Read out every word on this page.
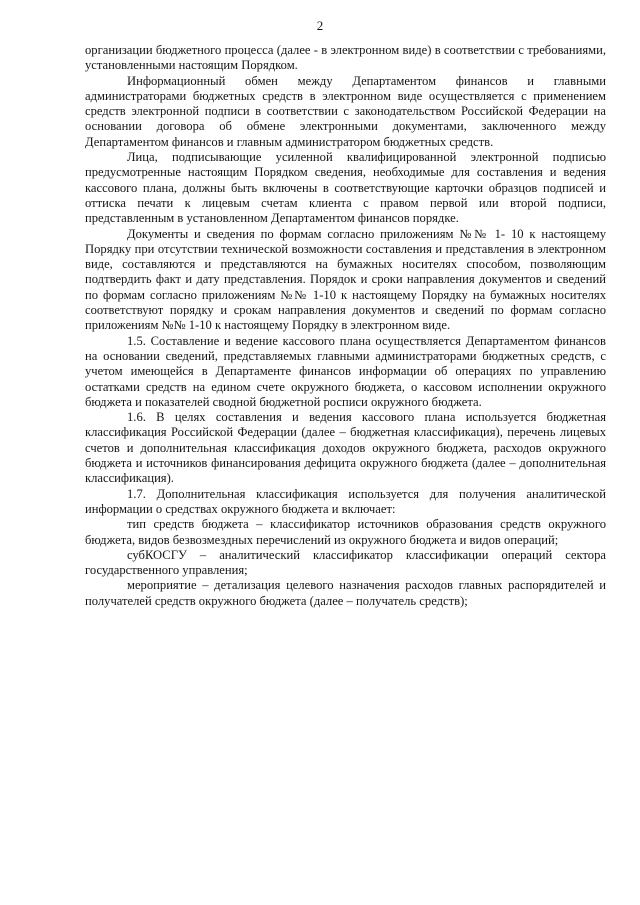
2

организации бюджетного процесса (далее - в электронном виде) в соответствии с требованиями, установленными настоящим Порядком.

Информационный обмен между Департаментом финансов и главными администраторами бюджетных средств в электронном виде осуществляется с применением средств электронной подписи в соответствии с законодательством Российской Федерации на основании договора об обмене электронными документами, заключенного между Департаментом финансов и главным администратором бюджетных средств.

Лица, подписывающие усиленной квалифицированной электронной подписью предусмотренные настоящим Порядком сведения, необходимые для составления и ведения кассового плана, должны быть включены в соответствующие карточки образцов подписей и оттиска печати к лицевым счетам клиента с правом первой или второй подписи, представленным в установленном Департаментом финансов порядке.

Документы и сведения по формам согласно приложениям №№ 1- 10 к настоящему Порядку при отсутствии технической возможности составления и представления в электронном виде, составляются и представляются на бумажных носителях способом, позволяющим подтвердить факт и дату представления. Порядок и сроки направления документов и сведений по формам согласно приложениям №№ 1-10 к настоящему Порядку на бумажных носителях соответствуют порядку и срокам направления документов и сведений по формам согласно приложениям №№ 1-10 к настоящему Порядку в электронном виде.

1.5. Составление и ведение кассового плана осуществляется Департаментом финансов на основании сведений, представляемых главными администраторами бюджетных средств, с учетом имеющейся в Департаменте финансов информации об операциях по управлению остатками средств на едином счете окружного бюджета, о кассовом исполнении окружного бюджета и показателей сводной бюджетной росписи окружного бюджета.

1.6. В целях составления и ведения кассового плана используется бюджетная классификация Российской Федерации (далее – бюджетная классификация), перечень лицевых счетов и дополнительная классификация доходов окружного бюджета, расходов окружного бюджета и источников финансирования дефицита окружного бюджета (далее – дополнительная классификация).

1.7. Дополнительная классификация используется для получения аналитической информации о средствах окружного бюджета и включает:

тип средств бюджета – классификатор источников образования средств окружного бюджета, видов безвозмездных перечислений из окружного бюджета и видов операций;

субКОСГУ – аналитический классификатор классификации операций сектора государственного управления;

мероприятие – детализация целевого назначения расходов главных распорядителей и получателей средств окружного бюджета (далее – получатель средств);
